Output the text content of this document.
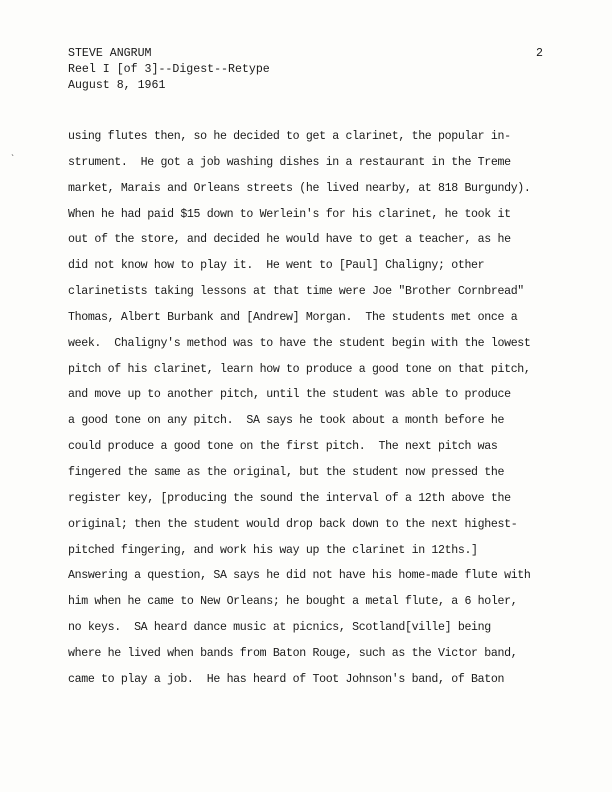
STEVE ANGRUM
Reel I [of 3]--Digest--Retype
August 8, 1961
2
ˋ
using flutes then, so he decided to get a clarinet, the popular in-
strument.  He got a job washing dishes in a restaurant in the Treme
market, Marais and Orleans streets (he lived nearby, at 818 Burgundy).
When he had paid $15 down to Werlein's for his clarinet, he took it
out of the store, and decided he would have to get a teacher, as he
did not know how to play it.  He went to [Paul] Chaligny; other
clarinetists taking lessons at that time were Joe "Brother Cornbread"
Thomas, Albert Burbank and [Andrew] Morgan.  The students met once a
week.  Chaligny's method was to have the student begin with the lowest
pitch of his clarinet, learn how to produce a good tone on that pitch,
and move up to another pitch, until the student was able to produce
a good tone on any pitch.  SA says he took about a month before he
could produce a good tone on the first pitch.  The next pitch was
fingered the same as the original, but the student now pressed the
register key, [producing the sound the interval of a 12th above the
original; then the student would drop back down to the next highest-
pitched fingering, and work his way up the clarinet in 12ths.]
Answering a question, SA says he did not have his home-made flute with
him when he came to New Orleans; he bought a metal flute, a 6 holer,
no keys.  SA heard dance music at picnics, Scotland[ville] being
where he lived when bands from Baton Rouge, such as the Victor band,
came to play a job.  He has heard of Toot Johnson's band, of Baton
